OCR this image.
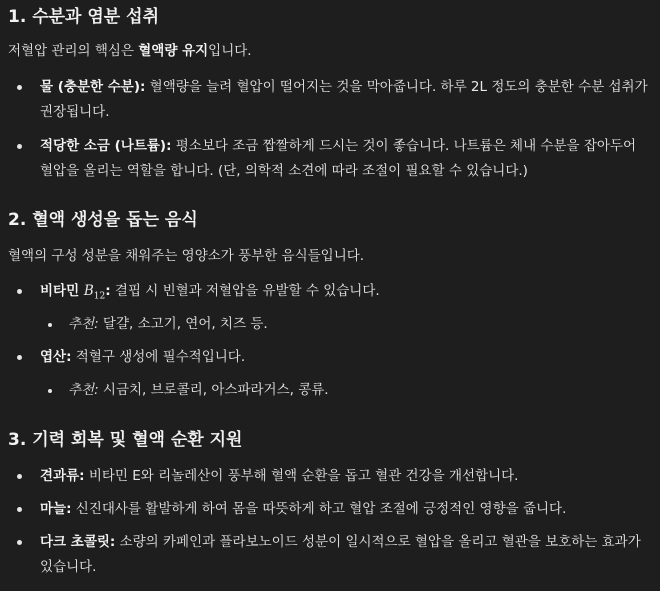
1. 수분과 염분 섭취
저혈압 관리의 핵심은 혈액량 유지입니다.
물 (충분한 수분): 혈액량을 늘려 혈압이 떨어지는 것을 막아줍니다. 하루 2L 정도의 충분한 수분 섭취가 권장됩니다.
적당한 소금 (나트륨): 평소보다 조금 짭짤하게 드시는 것이 좋습니다. 나트륨은 체내 수분을 잡아두어 혈압을 올리는 역할을 합니다. (단, 의학적 소견에 따라 조절이 필요할 수 있습니다.)
2. 혈액 생성을 돕는 음식
혈액의 구성 성분을 채워주는 영양소가 풍부한 음식들입니다.
비타민 $B_{12}$: 결핍 시 빈혈과 저혈압을 유발할 수 있습니다.
추천: 달걀, 소고기, 연어, 치즈 등.
엽산: 적혈구 생성에 필수적입니다.
추천: 시금치, 브로콜리, 아스파라거스, 콩류.
3. 기력 회복 및 혈액 순환 지원
견과류: 비타민 E와 리놀레산이 풍부해 혈액 순환을 돕고 혈관 건강을 개선합니다.
마늘: 신진대사를 활발하게 하여 몸을 따뜻하게 하고 혈압 조절에 긍정적인 영향을 줍니다.
다크 초콜릿: 소량의 카페인과 플라보노이드 성분이 일시적으로 혈압을 올리고 혈관을 보호하는 효과가 있습니다.
